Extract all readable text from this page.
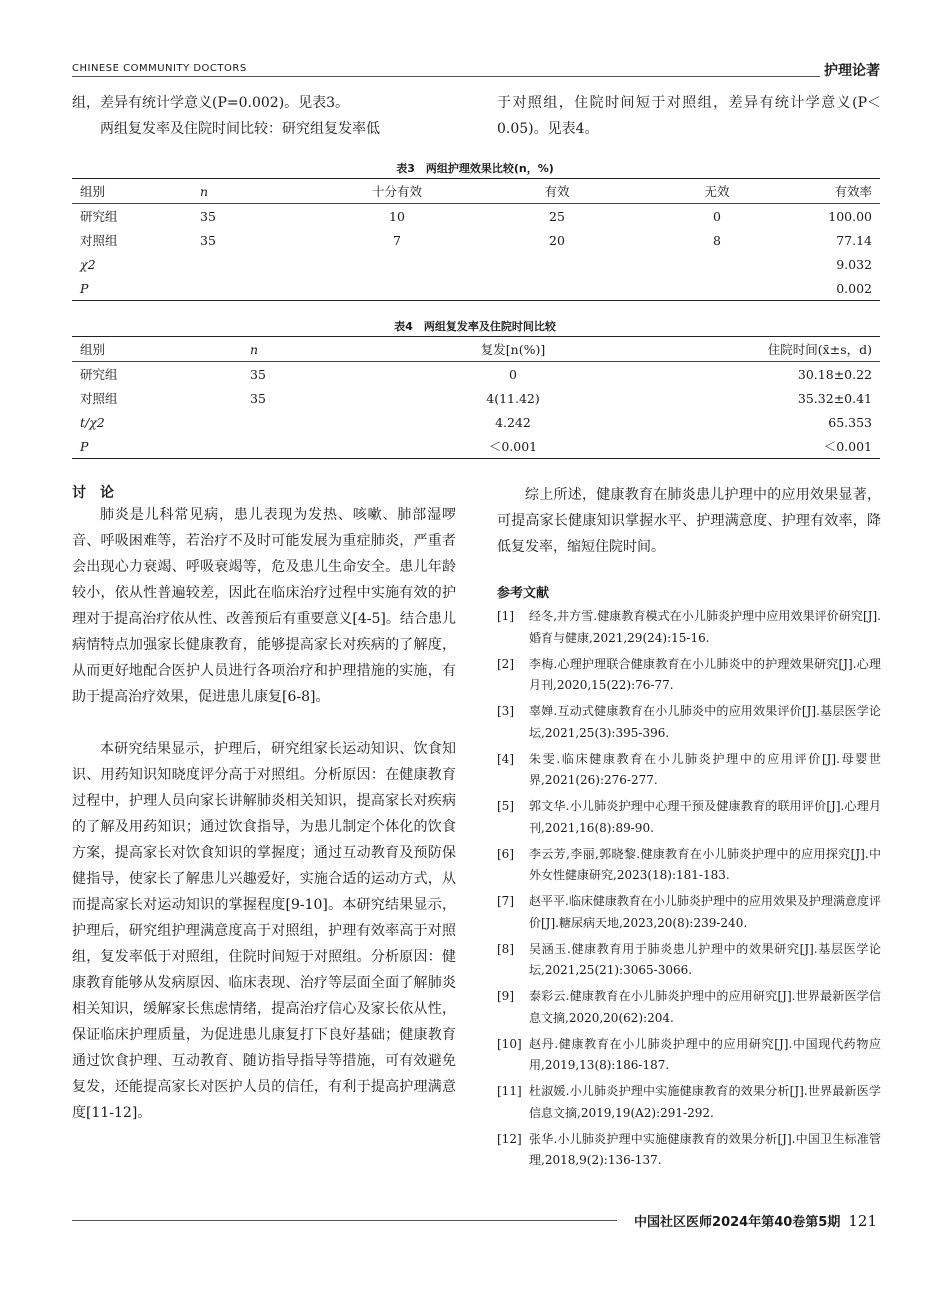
CHINESE COMMUNITY DOCTORS	护理论著

组，差异有统计学意义(P=0.002)。见表3。

两组复发率及住院时间比较：研究组复发率低

于对照组，住院时间短于对照组，差异有统计学意义(P＜0.05)。见表4。

表3　两组护理效果比较(n，%)
组别	n	十分有效	有效	无效	有效率
研究组	35	10	25	0	100.00
对照组	35	7	20	8	77.14
χ2					9.032
P					0.002
表4　两组复发率及住院时间比较
组别	n	复发[n(%)]	住院时间(x̄±s，d)
研究组	35	0	30.18±0.22
对照组	35	4(11.42)	35.32±0.41
t/χ2		4.242	65.353
P		＜0.001	＜0.001
讨　论

肺炎是儿科常见病，患儿表现为发热、咳嗽、肺部湿啰音、呼吸困难等，若治疗不及时可能发展为重症肺炎，严重者会出现心力衰竭、呼吸衰竭等，危及患儿生命安全。患儿年龄较小，依从性普遍较差，因此在临床治疗过程中实施有效的护理对于提高治疗依从性、改善预后有重要意义[4-5]。结合患儿病情特点加强家长健康教育，能够提高家长对疾病的了解度，从而更好地配合医护人员进行各项治疗和护理措施的实施，有助于提高治疗效果，促进患儿康复[6-8]。

本研究结果显示，护理后，研究组家长运动知识、饮食知识、用药知识知晓度评分高于对照组。分析原因：在健康教育过程中，护理人员向家长讲解肺炎相关知识，提高家长对疾病的了解及用药知识；通过饮食指导，为患儿制定个体化的饮食方案，提高家长对饮食知识的掌握度；通过互动教育及预防保健指导，使家长了解患儿兴趣爱好，实施合适的运动方式，从而提高家长对运动知识的掌握程度[9-10]。本研究结果显示，护理后，研究组护理满意度高于对照组，护理有效率高于对照组，复发率低于对照组，住院时间短于对照组。分析原因：健康教育能够从发病原因、临床表现、治疗等层面全面了解肺炎相关知识，缓解家长焦虑情绪，提高治疗信心及家长依从性，保证临床护理质量，为促进患儿康复打下良好基础；健康教育通过饮食护理、互动教育、随访指导指导等措施，可有效避免复发，还能提高家长对医护人员的信任，有利于提高护理满意度[11-12]。

综上所述，健康教育在肺炎患儿护理中的应用效果显著，可提高家长健康知识掌握水平、护理满意度、护理有效率，降低复发率，缩短住院时间。

参考文献
[1]	经冬,井方雪.健康教育模式在小儿肺炎护理中应用效果评价研究[J].婚育与健康,2021,29(24):15-16.
[2]	李梅.心理护理联合健康教育在小儿肺炎中的护理效果研究[J].心理月刊,2020,15(22):76-77.
[3]	辜婵.互动式健康教育在小儿肺炎中的应用效果评价[J].基层医学论坛,2021,25(3):395-396.
[4]	朱雯.临床健康教育在小儿肺炎护理中的应用评价[J].母婴世界,2021(26):276-277.
[5]	郭文华.小儿肺炎护理中心理干预及健康教育的联用评价[J].心理月刊,2021,16(8):89-90.
[6]	李云芳,李丽,郭晓黎.健康教育在小儿肺炎护理中的应用探究[J].中外女性健康研究,2023(18):181-183.
[7]	赵平平.临床健康教育在小儿肺炎护理中的应用效果及护理满意度评价[J].糖尿病天地,2023,20(8):239-240.
[8]	吴涵玉.健康教育用于肺炎患儿护理中的效果研究[J].基层医学论坛,2021,25(21):3065-3066.
[9]	泰彩云.健康教育在小儿肺炎护理中的应用研究[J].世界最新医学信息文摘,2020,20(62):204.
[10] 赵丹.健康教育在小儿肺炎护理中的应用研究[J].中国现代药物应用,2019,13(8):186-187.
[11] 杜淑媛.小儿肺炎护理中实施健康教育的效果分析[J].世界最新医学信息文摘,2019,19(A2):291-292.
[12] 张华.小儿肺炎护理中实施健康教育的效果分析[J].中国卫生标准管理,2018,9(2):136-137.
中国社区医师2024年第40卷第5期 121
